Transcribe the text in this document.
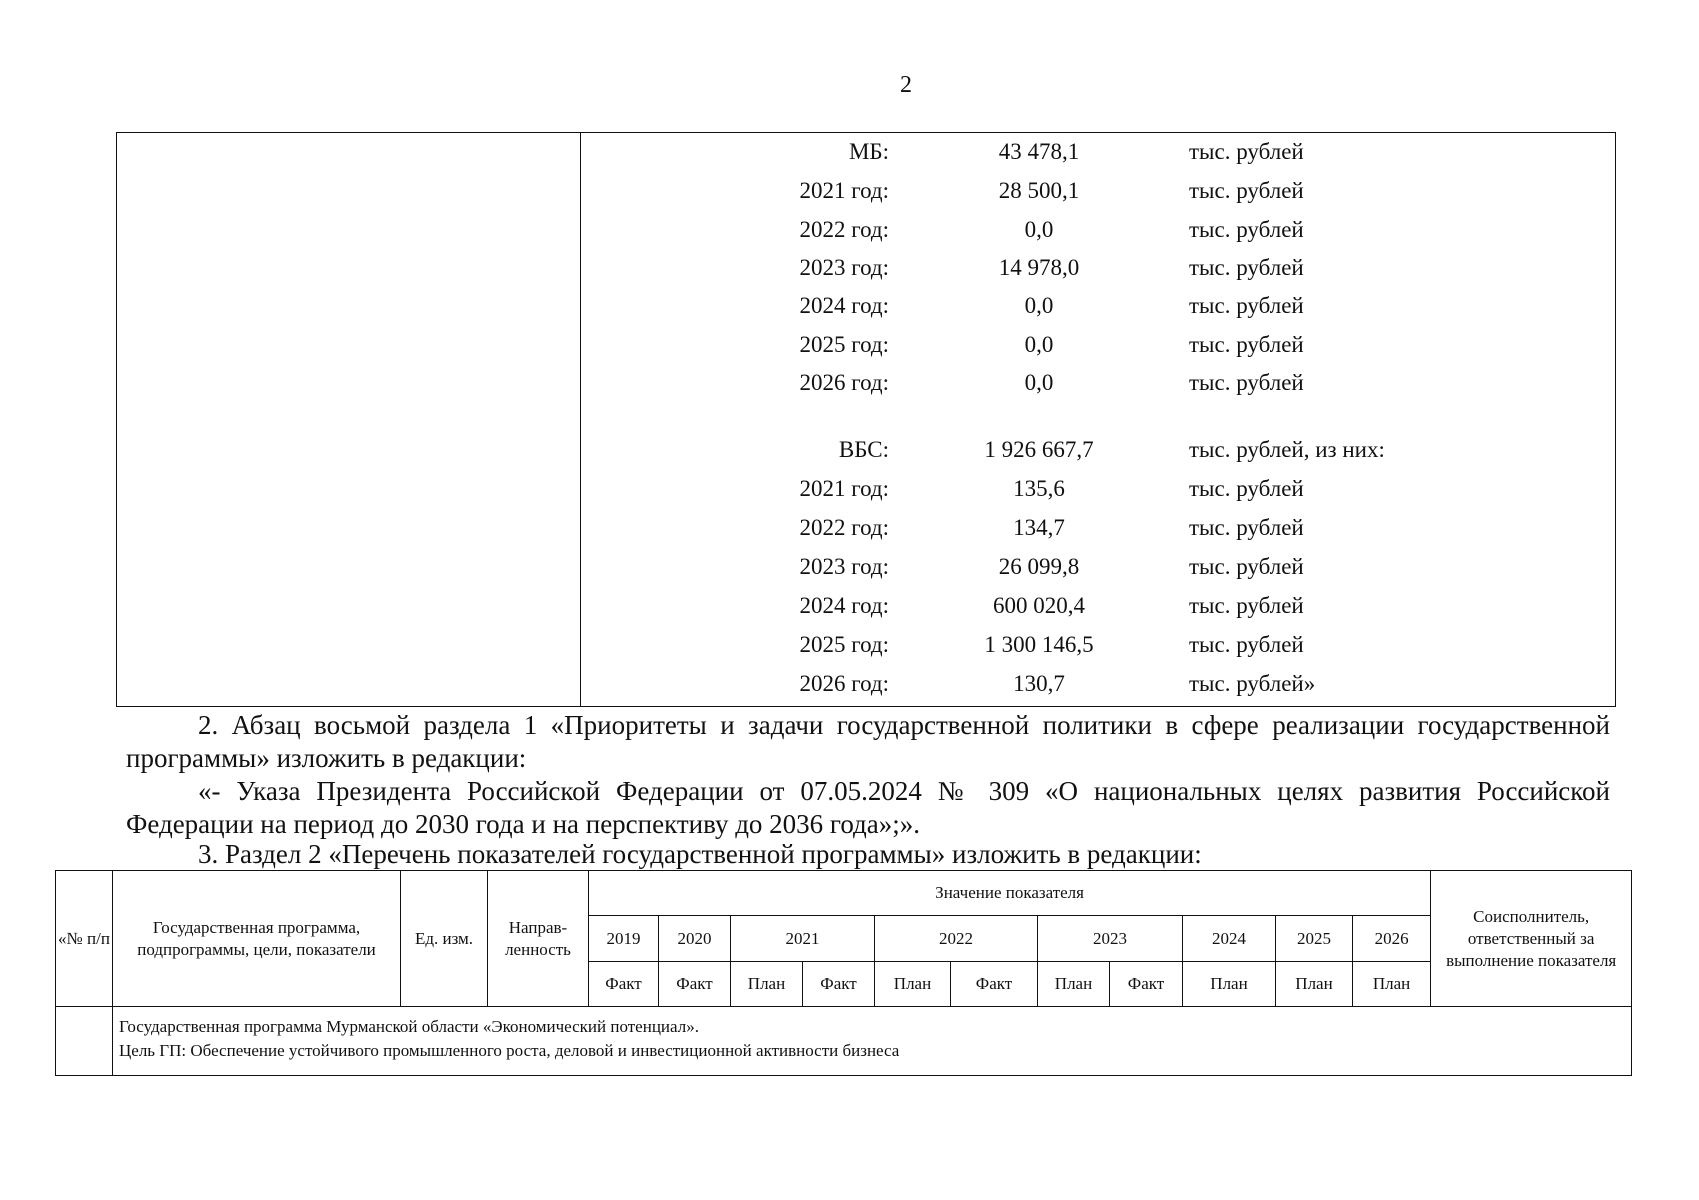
2
МБ:	43 478,1	тыс. рублей
2021 год:	28 500,1	тыс. рублей
2022 год:	0,0	тыс. рублей
2023 год:	14 978,0	тыс. рублей
2024 год:	0,0	тыс. рублей
2025 год:	0,0	тыс. рублей
2026 год:	0,0	тыс. рублей
ВБС:	1 926 667,7	тыс. рублей, из них:
2021 год:	135,6	тыс. рублей
2022 год:	134,7	тыс. рублей
2023 год:	26 099,8	тыс. рублей
2024 год:	600 020,4	тыс. рублей
2025 год:	1 300 146,5	тыс. рублей
2026 год:	130,7	тыс. рублей»
2. Абзац восьмой раздела 1 «Приоритеты и задачи государственной политики в сфере реализации государственной программы» изложить в редакции:
«- Указа Президента Российской Федерации от 07.05.2024 № 309 «О национальных целях развития Российской Федерации на период до 2030 года и на перспективу до 2036 года»;».
3. Раздел 2 «Перечень показателей государственной программы» изложить в редакции:
«№ п/п	Государственная программа, подпрограммы, цели, показатели	Ед. изм.	Направ-ленность	Значение показателя											Соисполнитель, ответственный за выполнение показателя
				2019	2020	2021		2022		2023		2024	2025	2026	
				Факт	Факт	План	Факт	План	Факт	План	Факт	План	План	План	

	Государственная программа Мурманской области «Экономический потенциал».
Цель ГП: Обеспечение устойчивого промышленного роста, деловой и инвестиционной активности бизнеса														
